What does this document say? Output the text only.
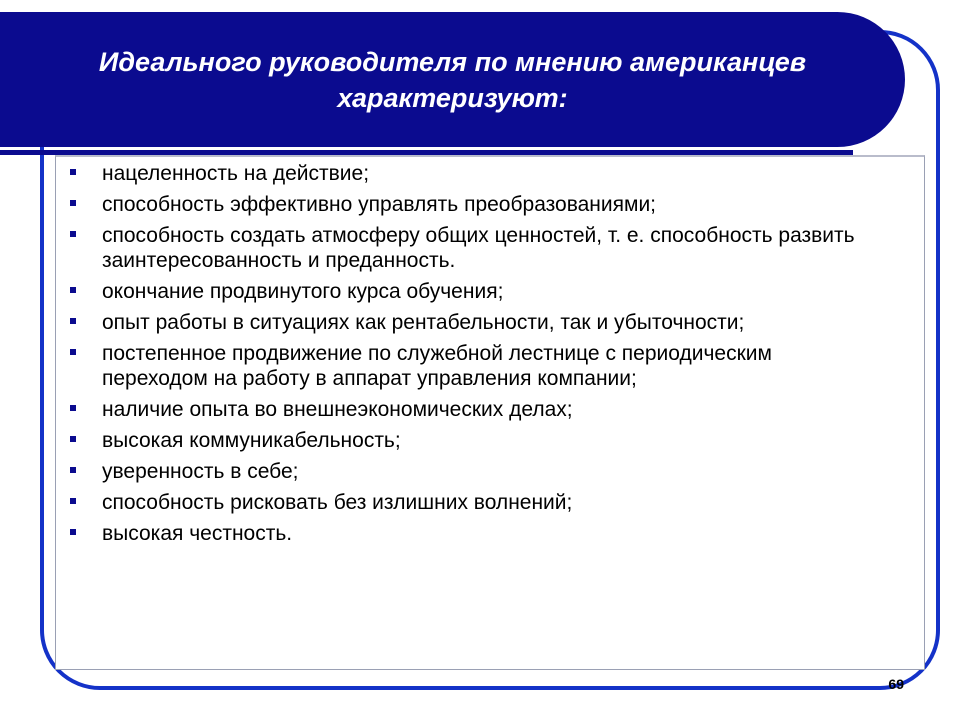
Идеального руководителя по мнению американцев
характеризуют:
нацеленность на действие;
способность эффективно управлять преобразованиями;
способность создать атмосферу общих ценностей, т. е. способность развить заинтересованность и преданность.
окончание продвинутого курса обучения;
опыт работы в ситуациях как рентабельности, так и убыточности;
постепенное продвижение по служебной лестнице с периодическим переходом на работу в аппарат управления компании;
наличие опыта во внешнеэкономических делах;
высокая коммуникабельность;
уверенность в себе;
способность рисковать без излишних волнений;
высокая честность.
69
